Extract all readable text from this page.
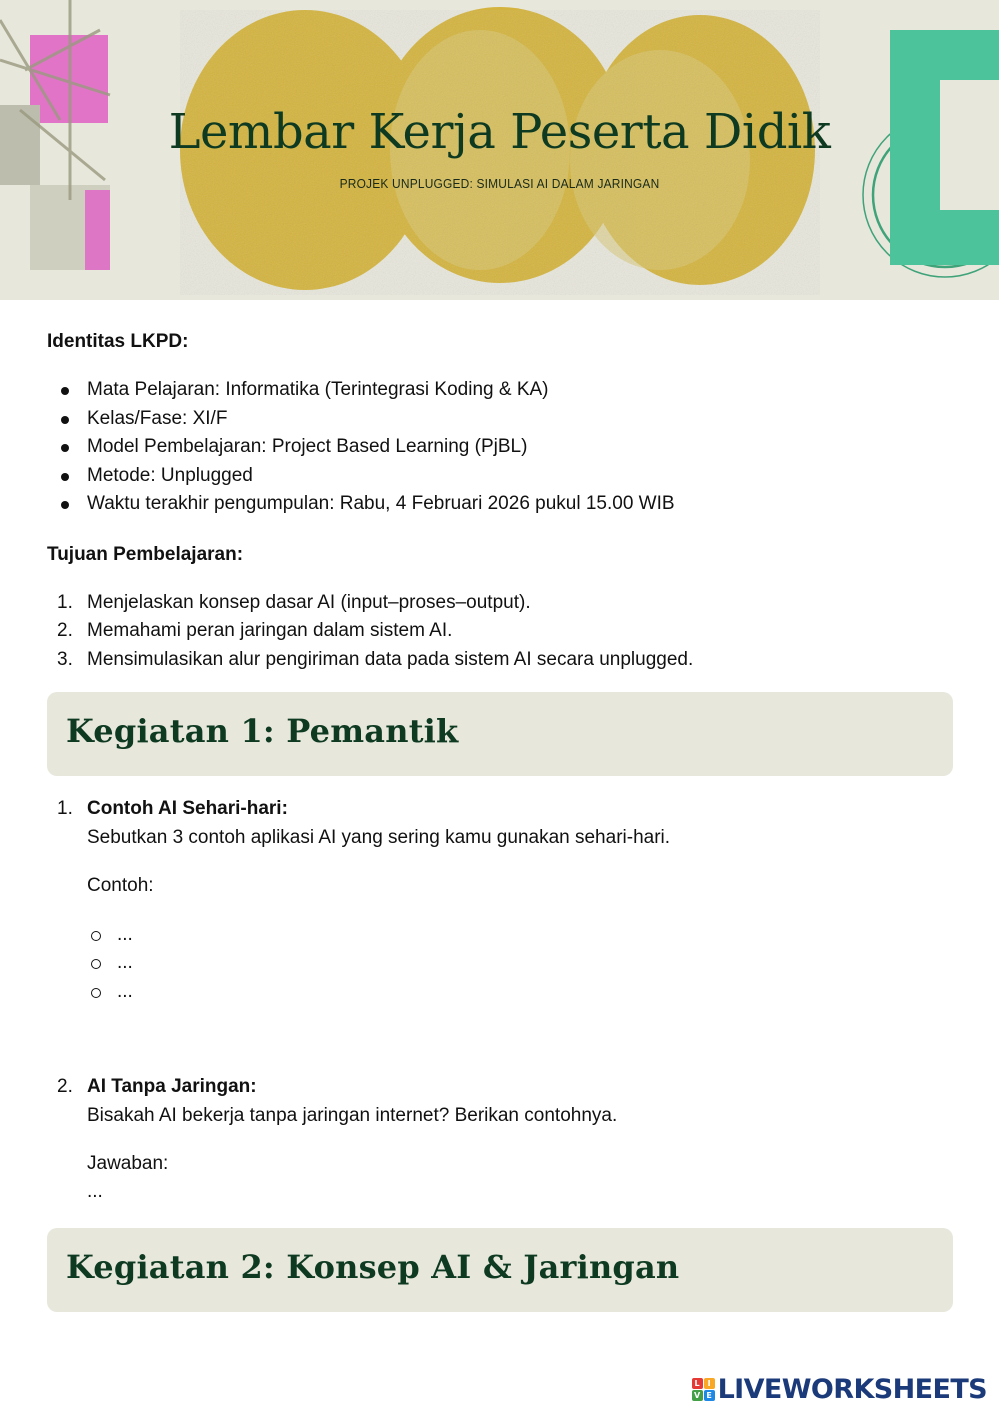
Lembar Kerja Peserta Didik
PROJEK UNPLUGGED: SIMULASI AI DALAM JARINGAN

Identitas LKPD:

Mata Pelajaran: Informatika (Terintegrasi Koding & KA)
Kelas/Fase: XI/F
Model Pembelajaran: Project Based Learning (PjBL)
Metode: Unplugged
Waktu terakhir pengumpulan: Rabu, 4 Februari 2026 pukul 15.00 WIB

Tujuan Pembelajaran:

1. Menjelaskan konsep dasar AI (input–proses–output).
2. Memahami peran jaringan dalam sistem AI.
3. Mensimulasikan alur pengiriman data pada sistem AI secara unplugged.
Kegiatan 1: Pemantik
1. Contoh AI Sehari-hari:
Sebutkan 3 contoh aplikasi AI yang sering kamu gunakan sehari-hari.
Contoh:
...
...
...
2. AI Tanpa Jaringan:
Bisakah AI bekerja tanpa jaringan internet? Berikan contohnya.
Jawaban:
...
Kegiatan 2: Konsep AI & Jaringan
L I
V E LIVEWORKSHEETS
